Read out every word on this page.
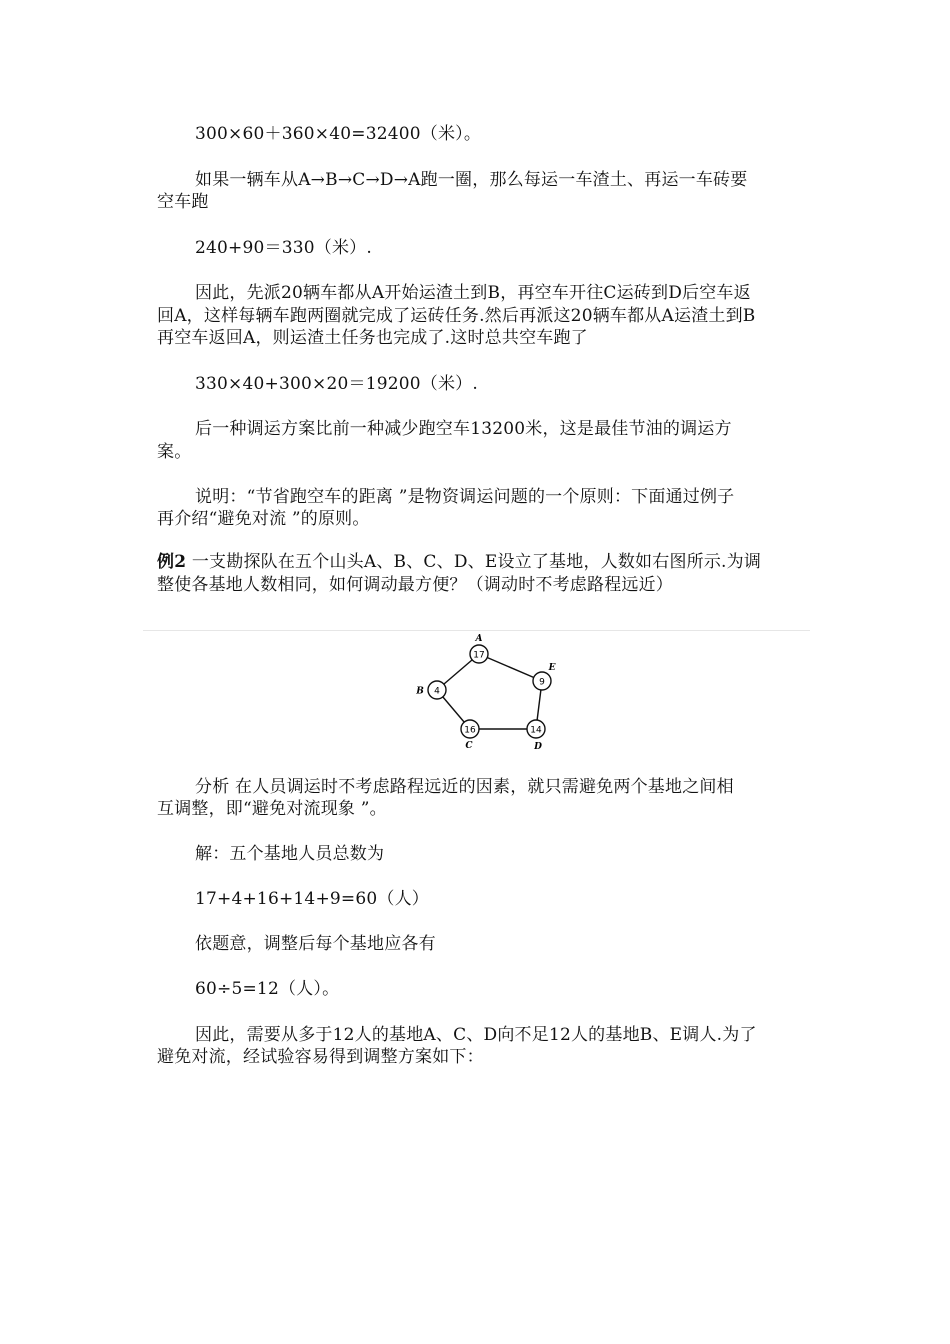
300×60＋360×40=32400（米）。
如果一辆车从A→B→C→D→A跑一圈，那么每运一车渣土、再运一车砖要
空车跑
240+90＝330（米）.
因此，先派20辆车都从A开始运渣土到B，再空车开往C运砖到D后空车返
回A，这样每辆车跑两圈就完成了运砖任务.然后再派这20辆车都从A运渣土到B
再空车返回A，则运渣土任务也完成了.这时总共空车跑了
330×40+300×20＝19200（米）.
后一种调运方案比前一种减少跑空车13200米，这是最佳节油的调运方
案。
说明：“节省跑空车的距离 ”是物资调运问题的一个原则：下面通过例子
再介绍“避免对流 ”的原则。
例2 一支勘探队在五个山头A、B、C、D、E设立了基地，人数如右图所示.为调
整使各基地人数相同，如何调动最方便？（调动时不考虑路程远近）
17
A
9
E
14
D
16
C
4
B
分析 在人员调运时不考虑路程远近的因素，就只需避免两个基地之间相
互调整，即“避免对流现象 ”。
解：五个基地人员总数为
17+4+16+14+9=60（人）
依题意，调整后每个基地应各有
60÷5=12（人）。
因此，需要从多于12人的基地A、C、D向不足12人的基地B、E调人.为了
避免对流，经试验容易得到调整方案如下：
